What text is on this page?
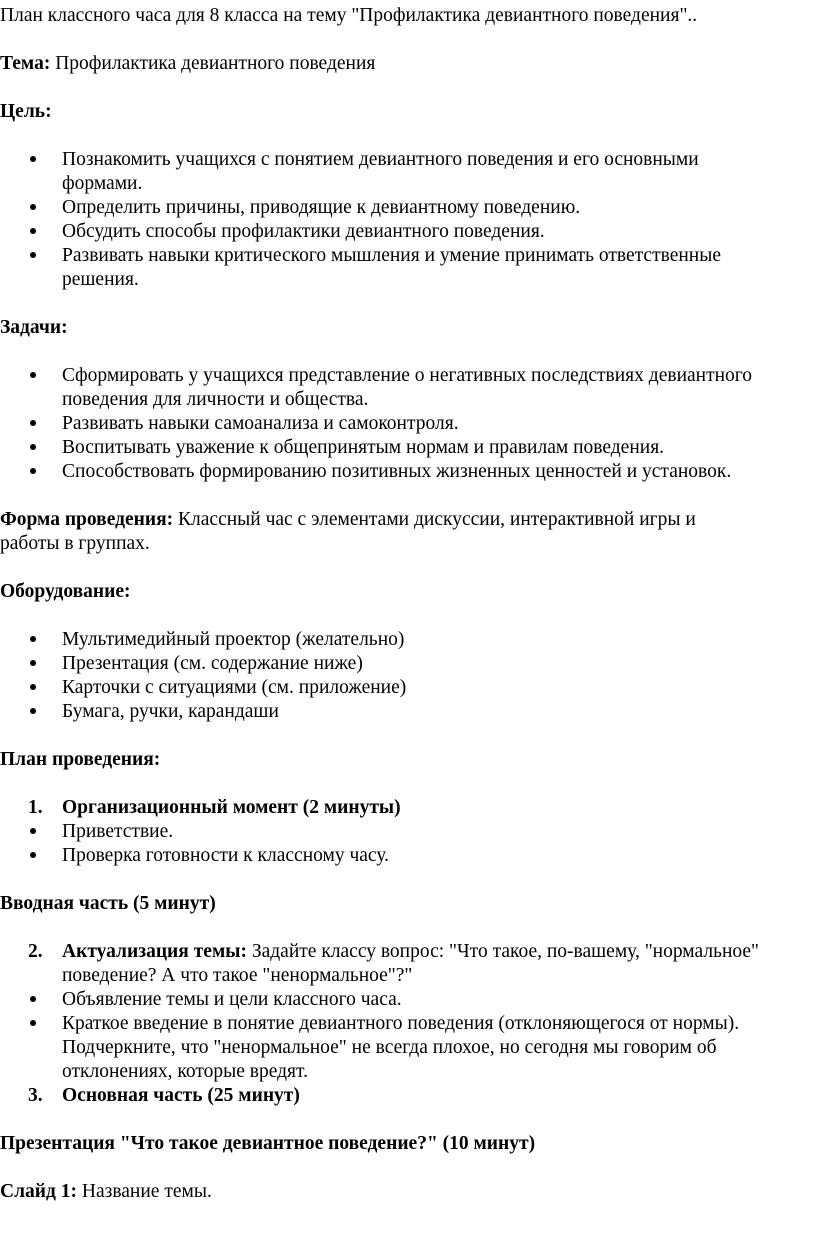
План классного часа для 8 класса на тему "Профилактика девиантного поведения"..
Тема: Профилактика девиантного поведения
Цель:
Познакомить учащихся с понятием девиантного поведения и его основными
формами.
Определить причины, приводящие к девиантному поведению.
Обсудить способы профилактики девиантного поведения.
Развивать навыки критического мышления и умение принимать ответственные
решения.
Задачи:
Сформировать у учащихся представление о негативных последствиях девиантного
поведения для личности и общества.
Развивать навыки самоанализа и самоконтроля.
Воспитывать уважение к общепринятым нормам и правилам поведения.
Способствовать формированию позитивных жизненных ценностей и установок.
Форма проведения: Классный час с элементами дискуссии, интерактивной игры и
работы в группах.
Оборудование:
Мультимедийный проектор (желательно)
Презентация (см. содержание ниже)
Карточки с ситуациями (см. приложение)
Бумага, ручки, карандаши
План проведения:
1. Организационный момент (2 минуты)
Приветствие.
Проверка готовности к классному часу.
Вводная часть (5 минут)
2. Актуализация темы: Задайте классу вопрос: "Что такое, по-вашему, "нормальное"
поведение? А что такое "ненормальное"?"
Объявление темы и цели классного часа.
Краткое введение в понятие девиантного поведения (отклоняющегося от нормы).
Подчеркните, что "ненормальное" не всегда плохое, но сегодня мы говорим об
отклонениях, которые вредят.
3. Основная часть (25 минут)
Презентация "Что такое девиантное поведение?" (10 минут)
Слайд 1: Название темы.
